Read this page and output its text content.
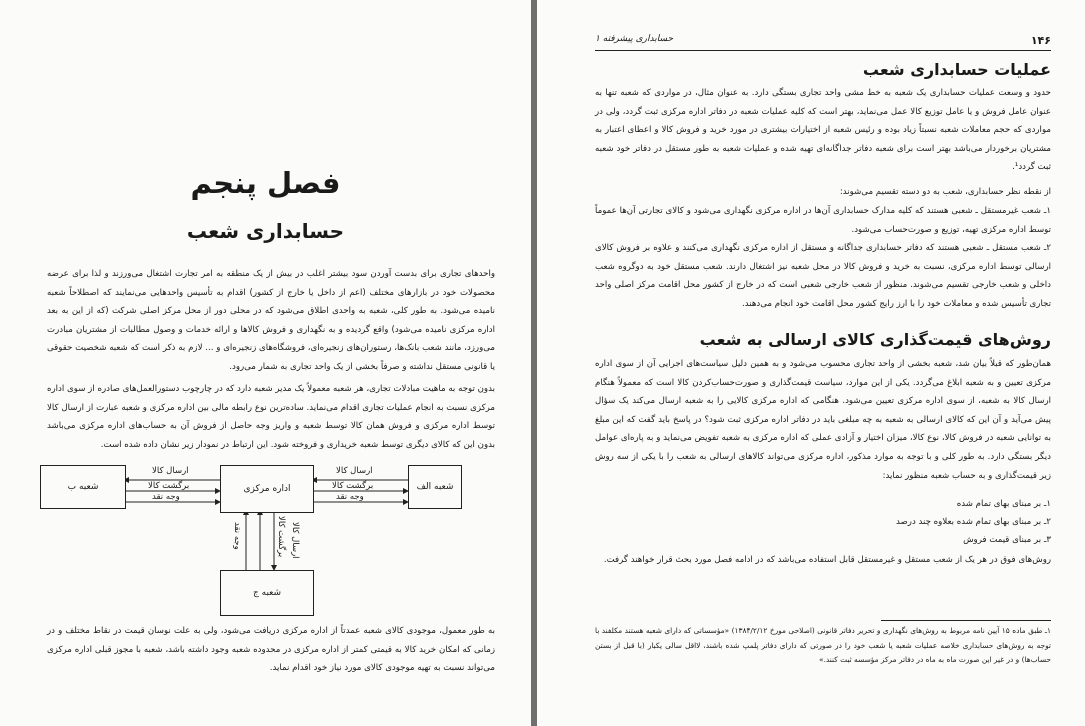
فصل پنجم
حسابداری شعب
واحدهای تجاری برای بدست آوردن سود بیشتر اغلب در بیش از یک منطقه به امر تجارت اشتغال می‌ورزند و لذا برای عرضه محصولات خود در بازارهای مختلف (اعم از داخل یا خارج از کشور) اقدام به تأسیس واحدهایی می‌نمایند که اصطلاحاً شعبه نامیده می‌شود. به طور کلی، شعبه به واحدی اطلاق می‌شود که در محلی دور از محل مرکز اصلی شرکت (که از این به بعد اداره مرکزی نامیده می‌شود) واقع گردیده و به نگهداری و فروش کالاها و ارائه خدمات و وصول مطالبات از مشتریان مبادرت می‌ورزد، مانند شعب بانک‌ها، رستوران‌های زنجیره‌ای، فروشگاه‌های زنجیره‌ای و ... لازم به ذکر است که شعبه شخصیت حقوقی یا قانونی مستقل نداشته و صرفاً بخشی از یک واحد تجاری به شمار می‌رود.
بدون توجه به ماهیت مبادلات تجاری، هر شعبه معمولاً یک مدیر شعبه دارد که در چارچوب دستورالعمل‌های صادره از سوی اداره مرکزی نسبت به انجام عملیات تجاری اقدام می‌نماید. ساده‌ترین نوع رابطه مالی بین اداره مرکزی و شعبه عبارت از ارسال کالا توسط اداره مرکزی و فروش همان کالا توسط شعبه و واریز وجه حاصل از فروش آن به حساب‌های اداره مرکزی می‌باشد بدون این که کالای دیگری توسط شعبه خریداری و فروخته شود. این ارتباط در نمودار زیر نشان داده شده است.
شعبه ب	اداره مرکزی	شعبه الف
شعبه ج
ارسال کالا
برگشت کالا
وجه نقد
ارسال کالا
برگشت کالا
وجه نقد
وجه نقد	برگشت کالا ارسال کالا
به طور معمول، موجودی کالای شعبه عمدتاً از اداره مرکزی دریافت می‌شود، ولی به علت نوسان قیمت در نقاط مختلف و در زمانی که امکان خرید کالا به قیمتی کمتر از اداره مرکزی در محدوده شعبه وجود داشته باشد، شعبه با مجوز قبلی اداره مرکزی می‌تواند نسبت به تهیه موجودی کالای مورد نیاز خود اقدام نماید.
۱۴۶
حسابداری پیشرفته ۱
عملیات حسابداری شعب
حدود و وسعت عملیات حسابداری یک شعبه به خط مشی واحد تجاری بستگی دارد. به عنوان مثال، در مواردی که شعبه تنها به عنوان عامل فروش و یا عامل توزیع کالا عمل می‌نماید، بهتر است که کلیه عملیات شعبه در دفاتر اداره مرکزی ثبت گردد، ولی در مواردی که حجم معاملات شعبه نسبتاً زیاد بوده و رئیس شعبه از اختیارات بیشتری در مورد خرید و فروش کالا و اعطای اعتبار به مشتریان برخوردار می‌باشد بهتر است برای شعبه دفاتر جداگانه‌ای تهیه شده و عملیات شعبه به طور مستقل در دفاتر خود شعبه ثبت گردد¹.
از نقطه نظر حسابداری، شعب به دو دسته تقسیم می‌شوند:
۱ـ شعب غیرمستقل ـ شعبی هستند که کلیه مدارک حسابداری آن‌ها در اداره مرکزی نگهداری می‌شود و کالای تجارتی آن‌ها عموماً توسط اداره مرکزی تهیه، توزیع و صورت‌حساب می‌شود.
۲ـ شعب مستقل ـ شعبی هستند که دفاتر حسابداری جداگانه و مستقل از اداره مرکزی نگهداری می‌کنند و علاوه بر فروش کالای ارسالی توسط اداره مرکزی، نسبت به خرید و فروش کالا در محل شعبه نیز اشتغال دارند. شعب مستقل خود به دوگروه شعب داخلی و شعب خارجی تقسیم می‌شوند. منظور از شعب خارجی شعبی است که در خارج از کشور محل اقامت مرکز اصلی واحد تجاری تأسیس شده و معاملات خود را با ارز رایج کشور محل اقامت خود انجام می‌دهند.
روش‌های قیمت‌گذاری کالای ارسالی به شعب
همان‌طور که قبلاً بیان شد، شعبه بخشی از واحد تجاری محسوب می‌شود و به همین دلیل سیاست‌های اجرایی آن از سوی اداره مرکزی تعیین و به شعبه ابلاغ می‌گردد. یکی از این موارد، سیاست قیمت‌گذاری و صورت‌حساب‌کردن کالا است که معمولاً هنگام ارسال کالا به شعبه، از سوی اداره مرکزی تعیین می‌شود. هنگامی که اداره مرکزی کالایی را به شعبه ارسال می‌کند یک سؤال پیش می‌آید و آن این که کالای ارسالی به شعبه به چه مبلغی باید در دفاتر اداره مرکزی ثبت شود؟ در پاسخ باید گفت که این مبلغ به توانایی شعبه در فروش کالا، نوع کالا، میزان اختیار و آزادی عملی که اداره مرکزی به شعبه تفویض می‌نماید و به پاره‌ای عوامل دیگر بستگی دارد. به طور کلی و با توجه به موارد مذکور، اداره مرکزی می‌تواند کالاهای ارسالی به شعب را با یکی از سه روش زیر قیمت‌گذاری و به حساب شعبه منظور نماید:
۱ـ بر مبنای بهای تمام شده
۲ـ بر مبنای بهای تمام شده بعلاوه چند درصد
۳ـ بر مبنای قیمت فروش
روش‌های فوق در هر یک از شعب مستقل و غیرمستقل قابل استفاده می‌باشد که در ادامه فصل مورد بحث قرار خواهند گرفت.
۱ـ طبق ماده ۱۵ آیین نامه مربوط به روش‌های نگهداری و تحریر دفاتر قانونی (اصلاحی مورخ ۱۳۸۴/۲/۱۲) «مؤسساتی که دارای شعبه هستند مکلفند با توجه به روش‌های حسابداری خلاصه عملیات شعبه یا شعب خود را در صورتی که دارای دفاتر پلمپ شده باشند، لااقل سالی یکبار (با قبل از بستن حساب‌ها) و در غیر این صورت ماه به ماه در دفاتر مرکز مؤسسه ثبت کنند.»
